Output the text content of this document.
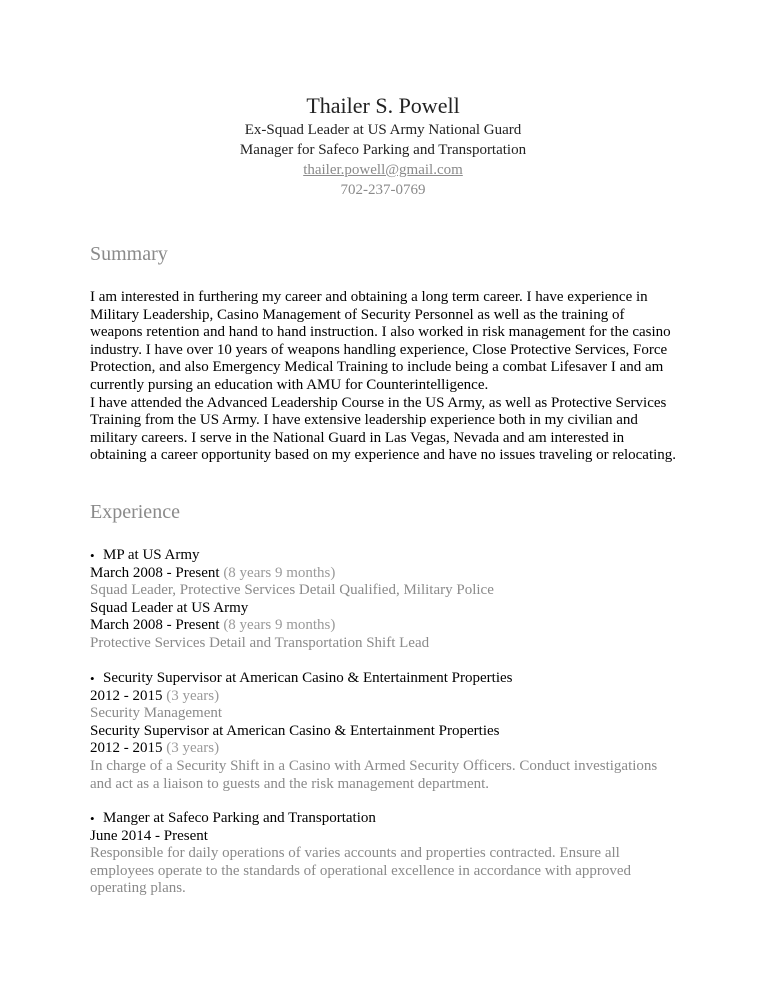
Thailer S. Powell
Ex-Squad Leader at US Army National Guard
Manager for Safeco Parking and Transportation
thailer.powell@gmail.com
702-237-0769
Summary
I am interested in furthering my career and obtaining a long term career. I have experience in Military Leadership, Casino Management of Security Personnel as well as the training of weapons retention and hand to hand instruction. I also worked in risk management for the casino industry. I have over 10 years of weapons handling experience, Close Protective Services, Force Protection, and also Emergency Medical Training to include being a combat Lifesaver I and am currently pursing an education with AMU for Counterintelligence.
I have attended the Advanced Leadership Course in the US Army, as well as Protective Services Training from the US Army. I have extensive leadership experience both in my civilian and military careers. I serve in the National Guard in Las Vegas, Nevada and am interested in obtaining a career opportunity based on my experience and have no issues traveling or relocating.
Experience
• MP at US Army
March 2008 - Present (8 years 9 months)
Squad Leader, Protective Services Detail Qualified, Military Police
Squad Leader at US Army
March 2008 - Present (8 years 9 months)
Protective Services Detail and Transportation Shift Lead
• Security Supervisor at American Casino & Entertainment Properties
2012 - 2015 (3 years)
Security Management
Security Supervisor at American Casino & Entertainment Properties
2012 - 2015 (3 years)
In charge of a Security Shift in a Casino with Armed Security Officers. Conduct investigations and act as a liaison to guests and the risk management department.
• Manger at Safeco Parking and Transportation
June 2014 - Present
Responsible for daily operations of varies accounts and properties contracted. Ensure all employees operate to the standards of operational excellence in accordance with approved operating plans.
